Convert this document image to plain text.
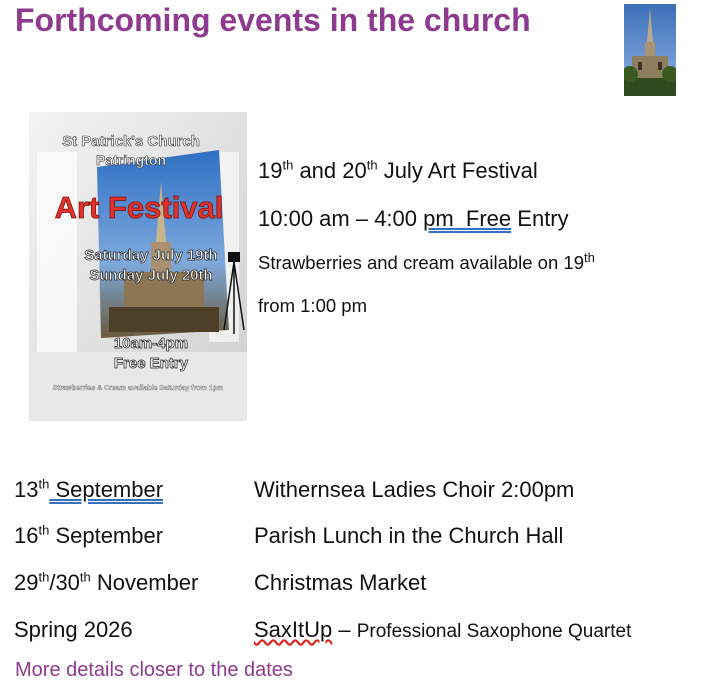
Forthcoming events in the church
St Patrick's Church
Patrington
Art Festival
Saturday July 19th
Sunday July 20th
10am-4pm
Free Entry
Strawberries & Cream available Saturday from 1pm
19th and 20th July Art Festival
10:00 am – 4:00 pm Free Entry
Strawberries and cream available on 19th
from 1:00 pm
13th September	Withernsea Ladies Choir 2:00pm
16th September	Parish Lunch in the Church Hall
29th/30th November	Christmas Market
Spring 2026	SaxItUp – Professional Saxophone Quartet
More details closer to the dates
